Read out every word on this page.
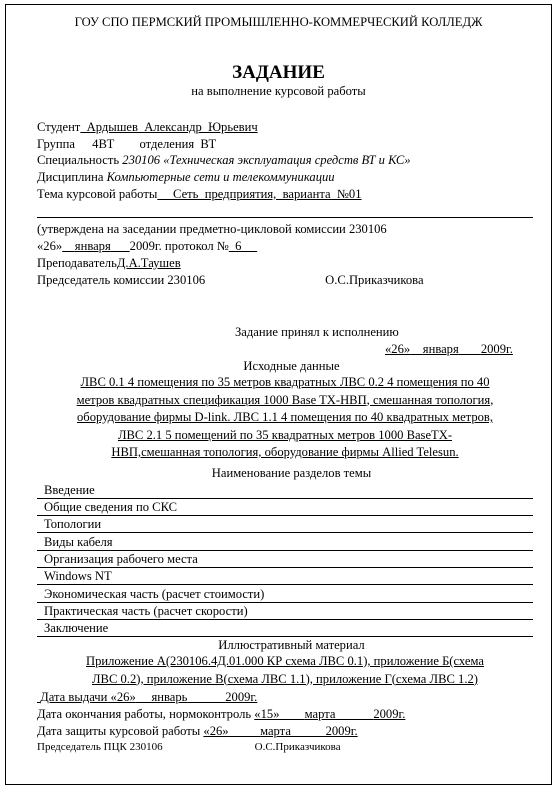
ГОУ СПО ПЕРМСКИЙ ПРОМЫШЛЕННО-КОММЕРЧЕСКИЙ КОЛЛЕДЖ
ЗАДАНИЕ
на выполнение курсовой работы
Студент  Ардышев  Александр  Юрьевич
Группа 4ВТ отделения ВТ
Специальность 230106 «Техническая эксплуатация средств ВТ и КС»
Дисциплина Компьютерные сети и телекоммуникации
Тема курсовой работы     Сеть  предприятия,  варианта  №01
(утверждена на заседании предметно-цикловой комиссии 230106
«26» января 2009г. протокол № 6
ПреподавательД.А.Таушев
Председатель комиссии 230106	О.С.Приказчикова
Задание принял к исполнению
«26» января 2009г.
Исходные данные
ЛВС 0.1 4 помещения по 35 метров квадратных ЛВС 0.2 4 помещения по 40
метров квадратных спецификация 1000 Base TX-НВП, смешанная топология,
оборудование фирмы D-link. ЛВС 1.1 4 помещения по 40 квадратных метров,
ЛВС 2.1 5 помещений по 35 квадратных метров 1000 BaseTX-
НВП,смешанная топология, оборудование фирмы Allied Telesun.
Наименование разделов темы
Введение
Общие сведения по СКС
Топологии
Виды кабеля
Организация рабочего места
Windows NT
Экономическая часть (расчет стоимости)
Практическая часть (расчет скорости)
Заключение
Иллюстративный материал
Приложение А(230106.4Д.01.000 КР схема ЛВС 0.1), приложение Б(схема
ЛВС 0.2), приложение В(схема ЛВС 1.1), приложение Г(схема ЛВС 1.2)
Дата выдачи «26» январь	2009г.
Дата окончания работы, нормоконтроль «15» марта	2009г.
Дата защиты курсовой работы «26» марта	2009г.
Председатель ПЦК 230106	О.С.Приказчикова
